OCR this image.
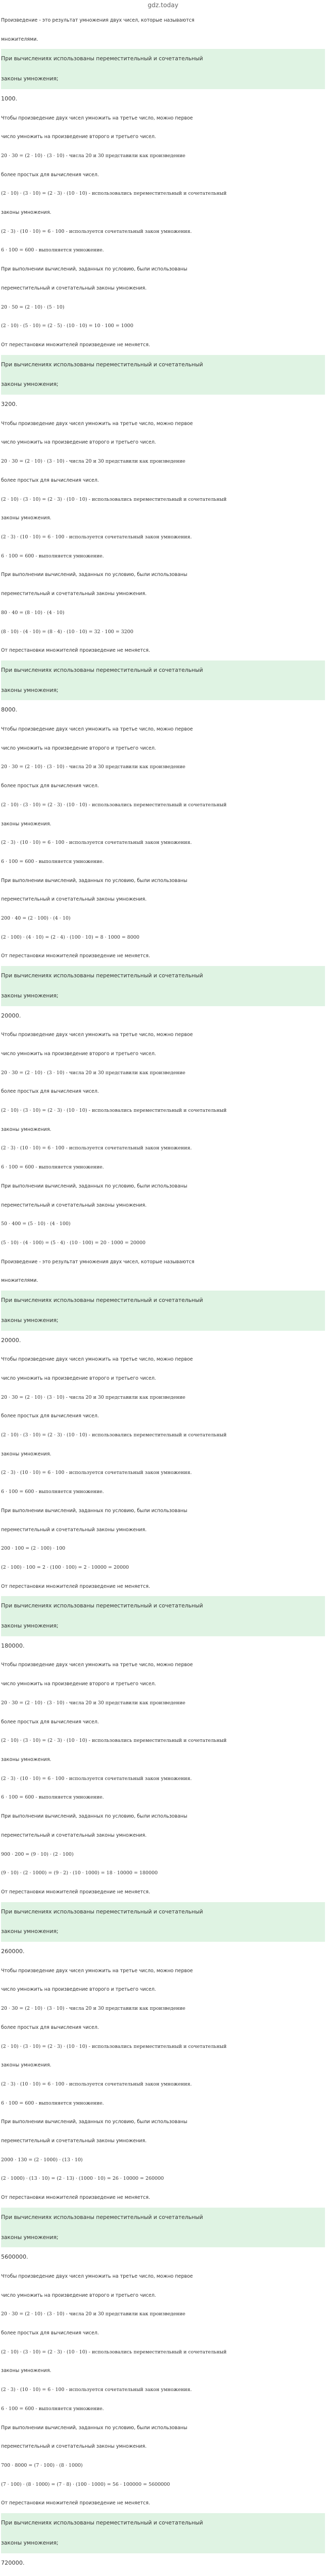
gdz.today

Произведение - это результат умножения двух чисел, которые называются

множителями.

При вычислениях использованы переместительный и сочетательный

законы умножения;

1000.

Чтобы произведение двух чисел умножить на третье число, можно первое

число умножить на произведение второго и третьего чисел.

20 · 30 = (2 · 10) · (3 · 10) - числа 20 и 30 представили как произведение

более простых для вычисления чисел.

(2 · 10) · (3 · 10) = (2 · 3) · (10 · 10) - использовались переместительный и сочетательный

законы умножения.

(2 · 3) · (10 · 10) = 6 · 100 - используется сочетательный закон умножения.

6 · 100 = 600 - выполняется умножение.

При выполнении вычислений, заданных по условию, были использованы

переместительный и сочетательный законы умножения.

20 · 50 = (2 · 10) · (5 · 10)

(2 · 10) · (5 · 10) = (2 · 5) · (10 · 10) = 10 · 100 = 1000

От перестановки множителей произведение не меняется.

При вычислениях использованы переместительный и сочетательный

законы умножения;

3200.

Чтобы произведение двух чисел умножить на третье число, можно первое

число умножить на произведение второго и третьего чисел.

20 · 30 = (2 · 10) · (3 · 10) - числа 20 и 30 представили как произведение

более простых для вычисления чисел.

(2 · 10) · (3 · 10) = (2 · 3) · (10 · 10) - использовались переместительный и сочетательный

законы умножения.

(2 · 3) · (10 · 10) = 6 · 100 - используется сочетательный закон умножения.

6 · 100 = 600 - выполняется умножение.

При выполнении вычислений, заданных по условию, были использованы

переместительный и сочетательный законы умножения.

80 · 40 = (8 · 10) · (4 · 10)

(8 · 10) · (4 · 10) = (8 · 4) · (10 · 10) = 32 · 100 = 3200

От перестановки множителей произведение не меняется.

При вычислениях использованы переместительный и сочетательный

законы умножения;

8000.

Чтобы произведение двух чисел умножить на третье число, можно первое

число умножить на произведение второго и третьего чисел.

20 · 30 = (2 · 10) · (3 · 10) - числа 20 и 30 представили как произведение

более простых для вычисления чисел.

(2 · 10) · (3 · 10) = (2 · 3) · (10 · 10) - использовались переместительный и сочетательный

законы умножения.

(2 · 3) · (10 · 10) = 6 · 100 - используется сочетательный закон умножения.

6 · 100 = 600 - выполняется умножение.

При выполнении вычислений, заданных по условию, были использованы

переместительный и сочетательный законы умножения.

200 · 40 = (2 · 100) · (4 · 10)

(2 · 100) · (4 · 10) = (2 · 4) · (100 · 10) = 8 · 1000 = 8000

От перестановки множителей произведение не меняется.

При вычислениях использованы переместительный и сочетательный

законы умножения;

20000.

Чтобы произведение двух чисел умножить на третье число, можно первое

число умножить на произведение второго и третьего чисел.

20 · 30 = (2 · 10) · (3 · 10) - числа 20 и 30 представили как произведение

более простых для вычисления чисел.

(2 · 10) · (3 · 10) = (2 · 3) · (10 · 10) - использовались переместительный и сочетательный

законы умножения.

(2 · 3) · (10 · 10) = 6 · 100 - используется сочетательный закон умножения.

6 · 100 = 600 - выполняется умножение.

При выполнении вычислений, заданных по условию, были использованы

переместительный и сочетательный законы умножения.

50 · 400 = (5 · 10) · (4 · 100)

(5 · 10) · (4 · 100) = (5 · 4) · (10 · 100) = 20 · 1000 = 20000

Произведение - это результат умножения двух чисел, которые называются

множителями.

При вычислениях использованы переместительный и сочетательный

законы умножения;

20000.

Чтобы произведение двух чисел умножить на третье число, можно первое

число умножить на произведение второго и третьего чисел.

20 · 30 = (2 · 10) · (3 · 10) - числа 20 и 30 представили как произведение

более простых для вычисления чисел.

(2 · 10) · (3 · 10) = (2 · 3) · (10 · 10) - использовались переместительный и сочетательный

законы умножения.

(2 · 3) · (10 · 10) = 6 · 100 - используется сочетательный закон умножения.

6 · 100 = 600 - выполняется умножение.

При выполнении вычислений, заданных по условию, были использованы

переместительный и сочетательный законы умножения.

200 · 100 = (2 · 100) · 100

(2 · 100) · 100 = 2 · (100 · 100) = 2 · 10000 = 20000

От перестановки множителей произведение не меняется.

При вычислениях использованы переместительный и сочетательный

законы умножения;

180000.

Чтобы произведение двух чисел умножить на третье число, можно первое

число умножить на произведение второго и третьего чисел.

20 · 30 = (2 · 10) · (3 · 10) - числа 20 и 30 представили как произведение

более простых для вычисления чисел.

(2 · 10) · (3 · 10) = (2 · 3) · (10 · 10) - использовались переместительный и сочетательный

законы умножения.

(2 · 3) · (10 · 10) = 6 · 100 - используется сочетательный закон умножения.

6 · 100 = 600 - выполняется умножение.

При выполнении вычислений, заданных по условию, были использованы

переместительный и сочетательный законы умножения.

900 · 200 = (9 · 10) · (2 · 100)

(9 · 10) · (2 · 1000) = (9 · 2) · (10 · 1000) = 18 · 10000 = 180000

От перестановки множителей произведение не меняется.

При вычислениях использованы переместительный и сочетательный

законы умножения;

260000.

Чтобы произведение двух чисел умножить на третье число, можно первое

число умножить на произведение второго и третьего чисел.

20 · 30 = (2 · 10) · (3 · 10) - числа 20 и 30 представили как произведение

более простых для вычисления чисел.

(2 · 10) · (3 · 10) = (2 · 3) · (10 · 10) - использовались переместительный и сочетательный

законы умножения.

(2 · 3) · (10 · 10) = 6 · 100 - используется сочетательный закон умножения.

6 · 100 = 600 - выполняется умножение.

При выполнении вычислений, заданных по условию, были использованы

переместительный и сочетательный законы умножения.

2000 · 130 = (2 · 1000) · (13 · 10)

(2 · 1000) · (13 · 10) = (2 · 13) · (1000 · 10) = 26 · 10000 = 260000

От перестановки множителей произведение не меняется.

При вычислениях использованы переместительный и сочетательный

законы умножения;

5600000.

Чтобы произведение двух чисел умножить на третье число, можно первое

число умножить на произведение второго и третьего чисел.

20 · 30 = (2 · 10) · (3 · 10) - числа 20 и 30 представили как произведение

более простых для вычисления чисел.

(2 · 10) · (3 · 10) = (2 · 3) · (10 · 10) - использовались переместительный и сочетательный

законы умножения.

(2 · 3) · (10 · 10) = 6 · 100 - используется сочетательный закон умножения.

6 · 100 = 600 - выполняется умножение.

При выполнении вычислений, заданных по условию, были использованы

переместительный и сочетательный законы умножения.

700 · 8000 = (7 · 100) · (8 · 1000)

(7 · 100) · (8 · 1000) = (7 · 8) · (100 · 1000) = 56 · 100000 = 5600000

От перестановки множителей произведение не меняется.

При вычислениях использованы переместительный и сочетательный

законы умножения;

720000.
